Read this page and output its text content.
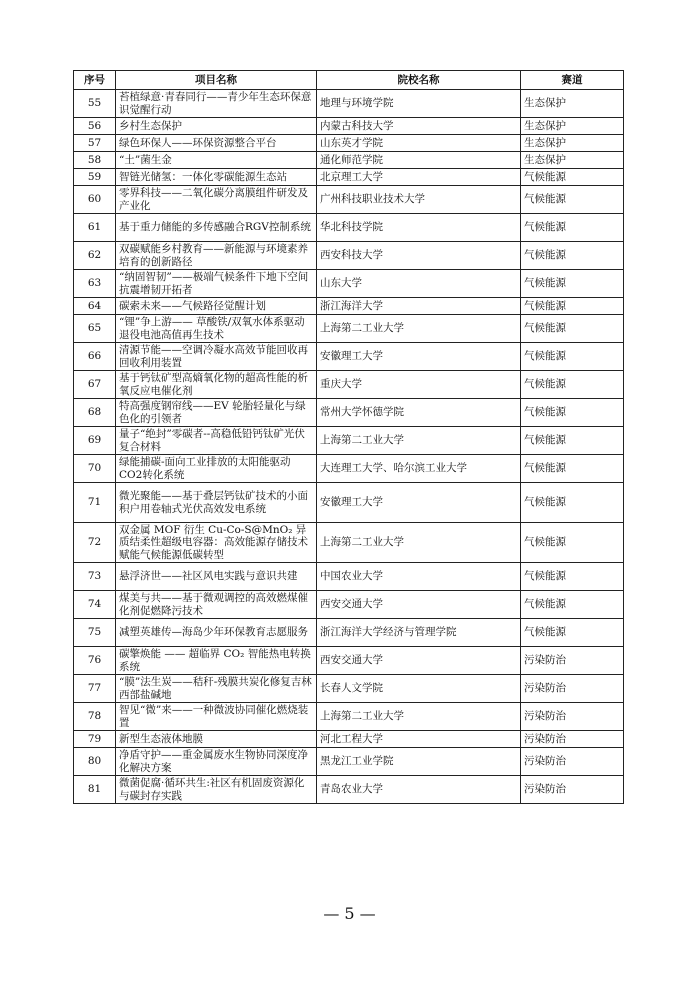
序号	项目名称	院校名称	赛道
55	苔植绿意·青春同行——青少年生态环保意识觉醒行动	地理与环境学院	生态保护
56	乡村生态保护	内蒙古科技大学	生态保护
57	绿色环保人——环保资源整合平台	山东英才学院	生态保护
58	“土”菌生金	通化师范学院	生态保护
59	智链光储氢：一体化零碳能源生态站	北京理工大学	气候能源
60	零界科技——二氧化碳分离膜组件研发及产业化	广州科技职业技术大学	气候能源
61	基于重力储能的多传感融合RGV控制系统	华北科技学院	气候能源
62	双碳赋能乡村教育——新能源与环境素养培育的创新路径	西安科技大学	气候能源
63	“纳固智韧”——极端气候条件下地下空间抗震增韧开拓者	山东大学	气候能源
64	碳索未来——气候路径觉醒计划	浙江海洋大学	气候能源
65	“锂”争上游—— 草酸铁/双氧水体系驱动退役电池高值再生技术	上海第二工业大学	气候能源
66	清源节能——空调冷凝水高效节能回收再回收利用装置	安徽理工大学	气候能源
67	基于钙钛矿型高熵氧化物的超高性能的析氧反应电催化剂	重庆大学	气候能源
68	特高强度钢帘线——EV 轮胎轻量化与绿色化的引领者	常州大学怀德学院	气候能源
69	量子“绝封”零碳者--高稳低铅钙钛矿光伏复合材料	上海第二工业大学	气候能源
70	绿能捕碳-面向工业排放的太阳能驱动CO2转化系统	大连理工大学、哈尔滨工业大学	气候能源
71	微光聚能——基于叠层钙钛矿技术的小面积户用卷轴式光伏高效发电系统	安徽理工大学	气候能源
72	双金属 MOF 衍生 Cu-Co-S@MnO₂ 异质结柔性超级电容器：高效能源存储技术赋能气候能源低碳转型	上海第二工业大学	气候能源
73	悬浮济世——社区风电实践与意识共建	中国农业大学	气候能源
74	煤美与共——基于微观调控的高效燃煤催化剂促燃降污技术	西安交通大学	气候能源
75	减塑英雄传—海岛少年环保教育志愿服务	浙江海洋大学经济与管理学院	气候能源
76	碳擎焕能 —— 超临界 CO₂ 智能热电转换系统	西安交通大学	污染防治
77	“膜”法生炭——秸秆-残膜共炭化修复吉林 西部盐碱地	长春人文学院	污染防治
78	智见“微”来——一种微波协同催化燃烧装置	上海第二工业大学	污染防治
79	新型生态液体地膜	河北工程大学	污染防治
80	净盾守护——重金属废水生物协同深度净化解决方案	黑龙江工业学院	污染防治
81	微菌促腐·循环共生:社区有机固废资源化与碳封存实践	青岛农业大学	污染防治
— 5 —
